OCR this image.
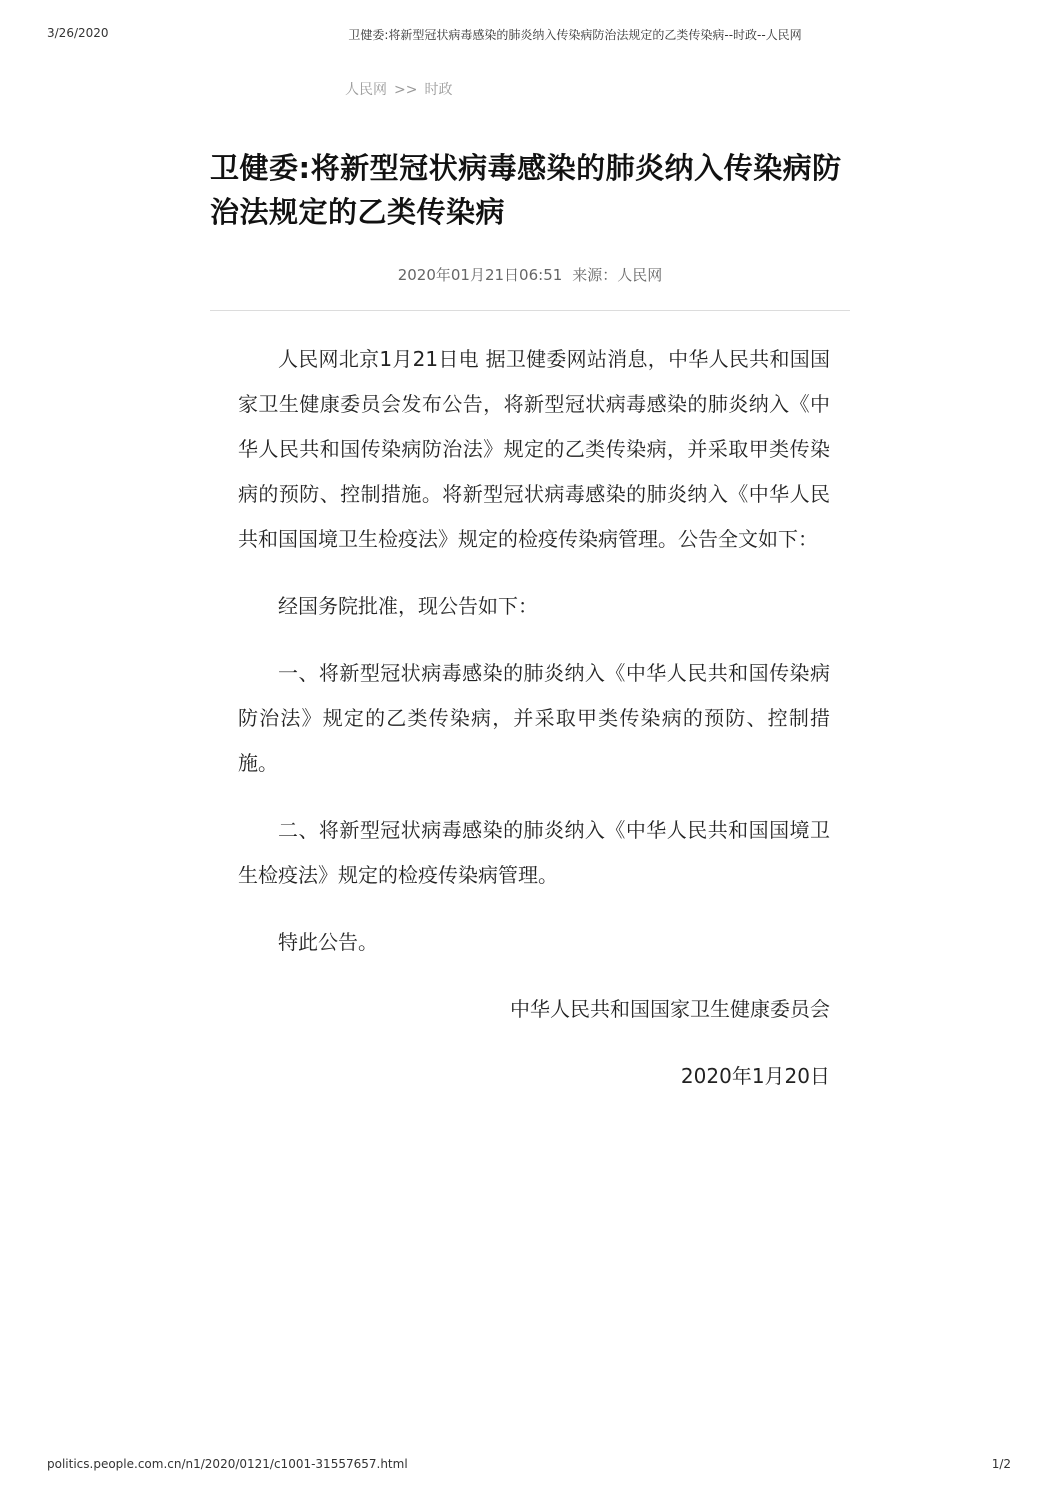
3/26/2020	卫健委:将新型冠状病毒感染的肺炎纳入传染病防治法规定的乙类传染病--时政--人民网
人民网 >> 时政
卫健委:将新型冠状病毒感染的肺炎纳入传染病防治法规定的乙类传染病
2020年01月21日06:51 来源：人民网

人民网北京1月21日电 据卫健委网站消息，中华人民共和国国家卫生健康委员会发布公告，将新型冠状病毒感染的肺炎纳入《中华人民共和国传染病防治法》规定的乙类传染病，并采取甲类传染病的预防、控制措施。将新型冠状病毒感染的肺炎纳入《中华人民共和国国境卫生检疫法》规定的检疫传染病管理。公告全文如下：

经国务院批准，现公告如下：

一、将新型冠状病毒感染的肺炎纳入《中华人民共和国传染病防治法》规定的乙类传染病，并采取甲类传染病的预防、控制措施。

二、将新型冠状病毒感染的肺炎纳入《中华人民共和国国境卫生检疫法》规定的检疫传染病管理。

特此公告。

中华人民共和国国家卫生健康委员会

2020年1月20日

politics.people.com.cn/n1/2020/0121/c1001-31557657.html	1/2
